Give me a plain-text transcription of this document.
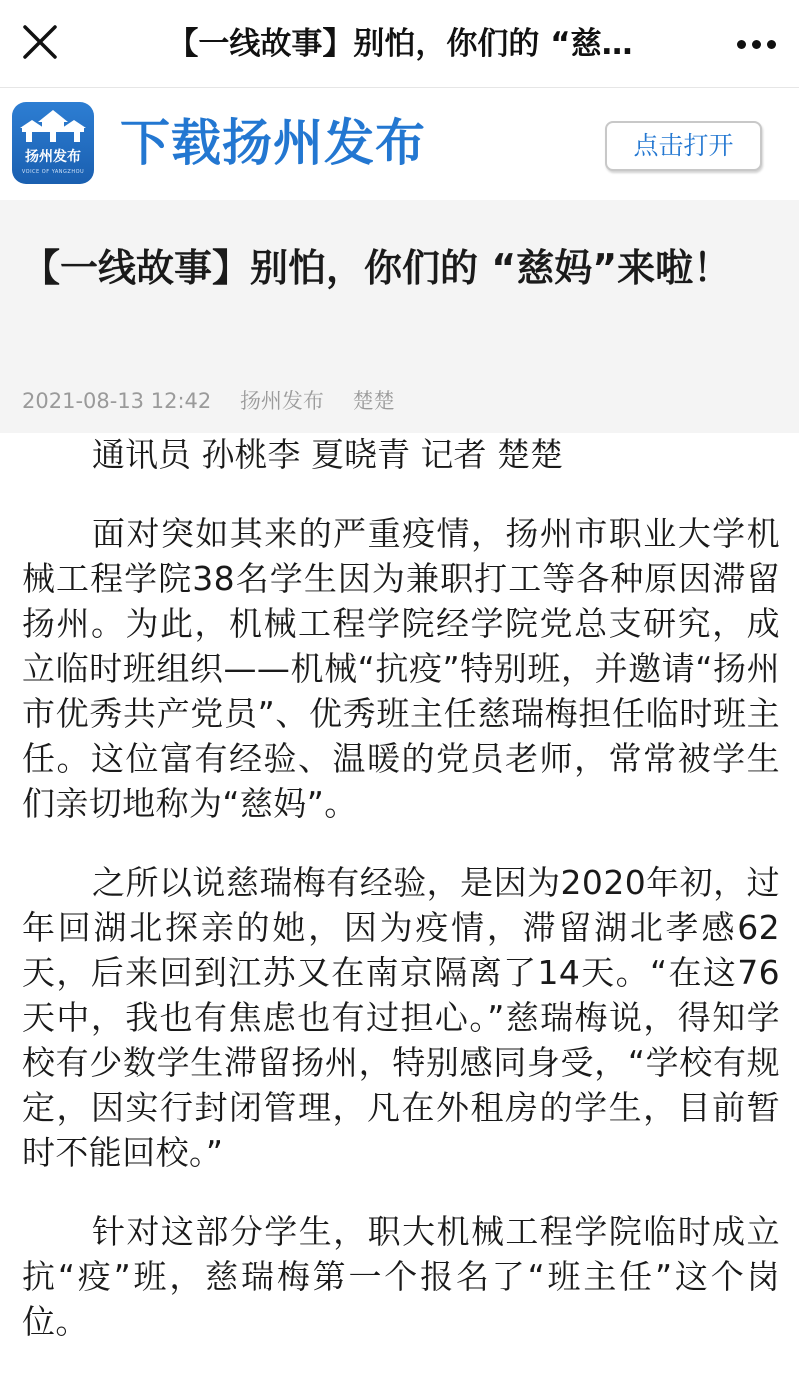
【一线故事】别怕，你们的 “慈…
扬州发布
VOICE OF YANGZHOU 下载扬州发布	点击打开
【一线故事】别怕，你们的 “慈妈”来啦！
2021-08-13 12:42 扬州发布 楚楚

通讯员 孙桃李 夏晓青 记者 楚楚

面对突如其来的严重疫情，扬州市职业大学机械工程学院38名学生因为兼职打工等各种原因滞留扬州。为此，机械工程学院经学院党总支研究，成立临时班组织——机械“抗疫”特别班，并邀请“扬州市优秀共产党员”、优秀班主任慈瑞梅担任临时班主任。这位富有经验、温暖的党员老师，常常被学生们亲切地称为“慈妈”。

之所以说慈瑞梅有经验，是因为2020年初，过年回湖北探亲的她，因为疫情，滞留湖北孝感62天，后来回到江苏又在南京隔离了14天。“在这76天中，我也有焦虑也有过担心。”慈瑞梅说，得知学校有少数学生滞留扬州，特别感同身受，“学校有规定，因实行封闭管理，凡在外租房的学生，目前暂时不能回校。”

针对这部分学生，职大机械工程学院临时成立抗“疫”班，慈瑞梅第一个报名了“班主任”这个岗位。
